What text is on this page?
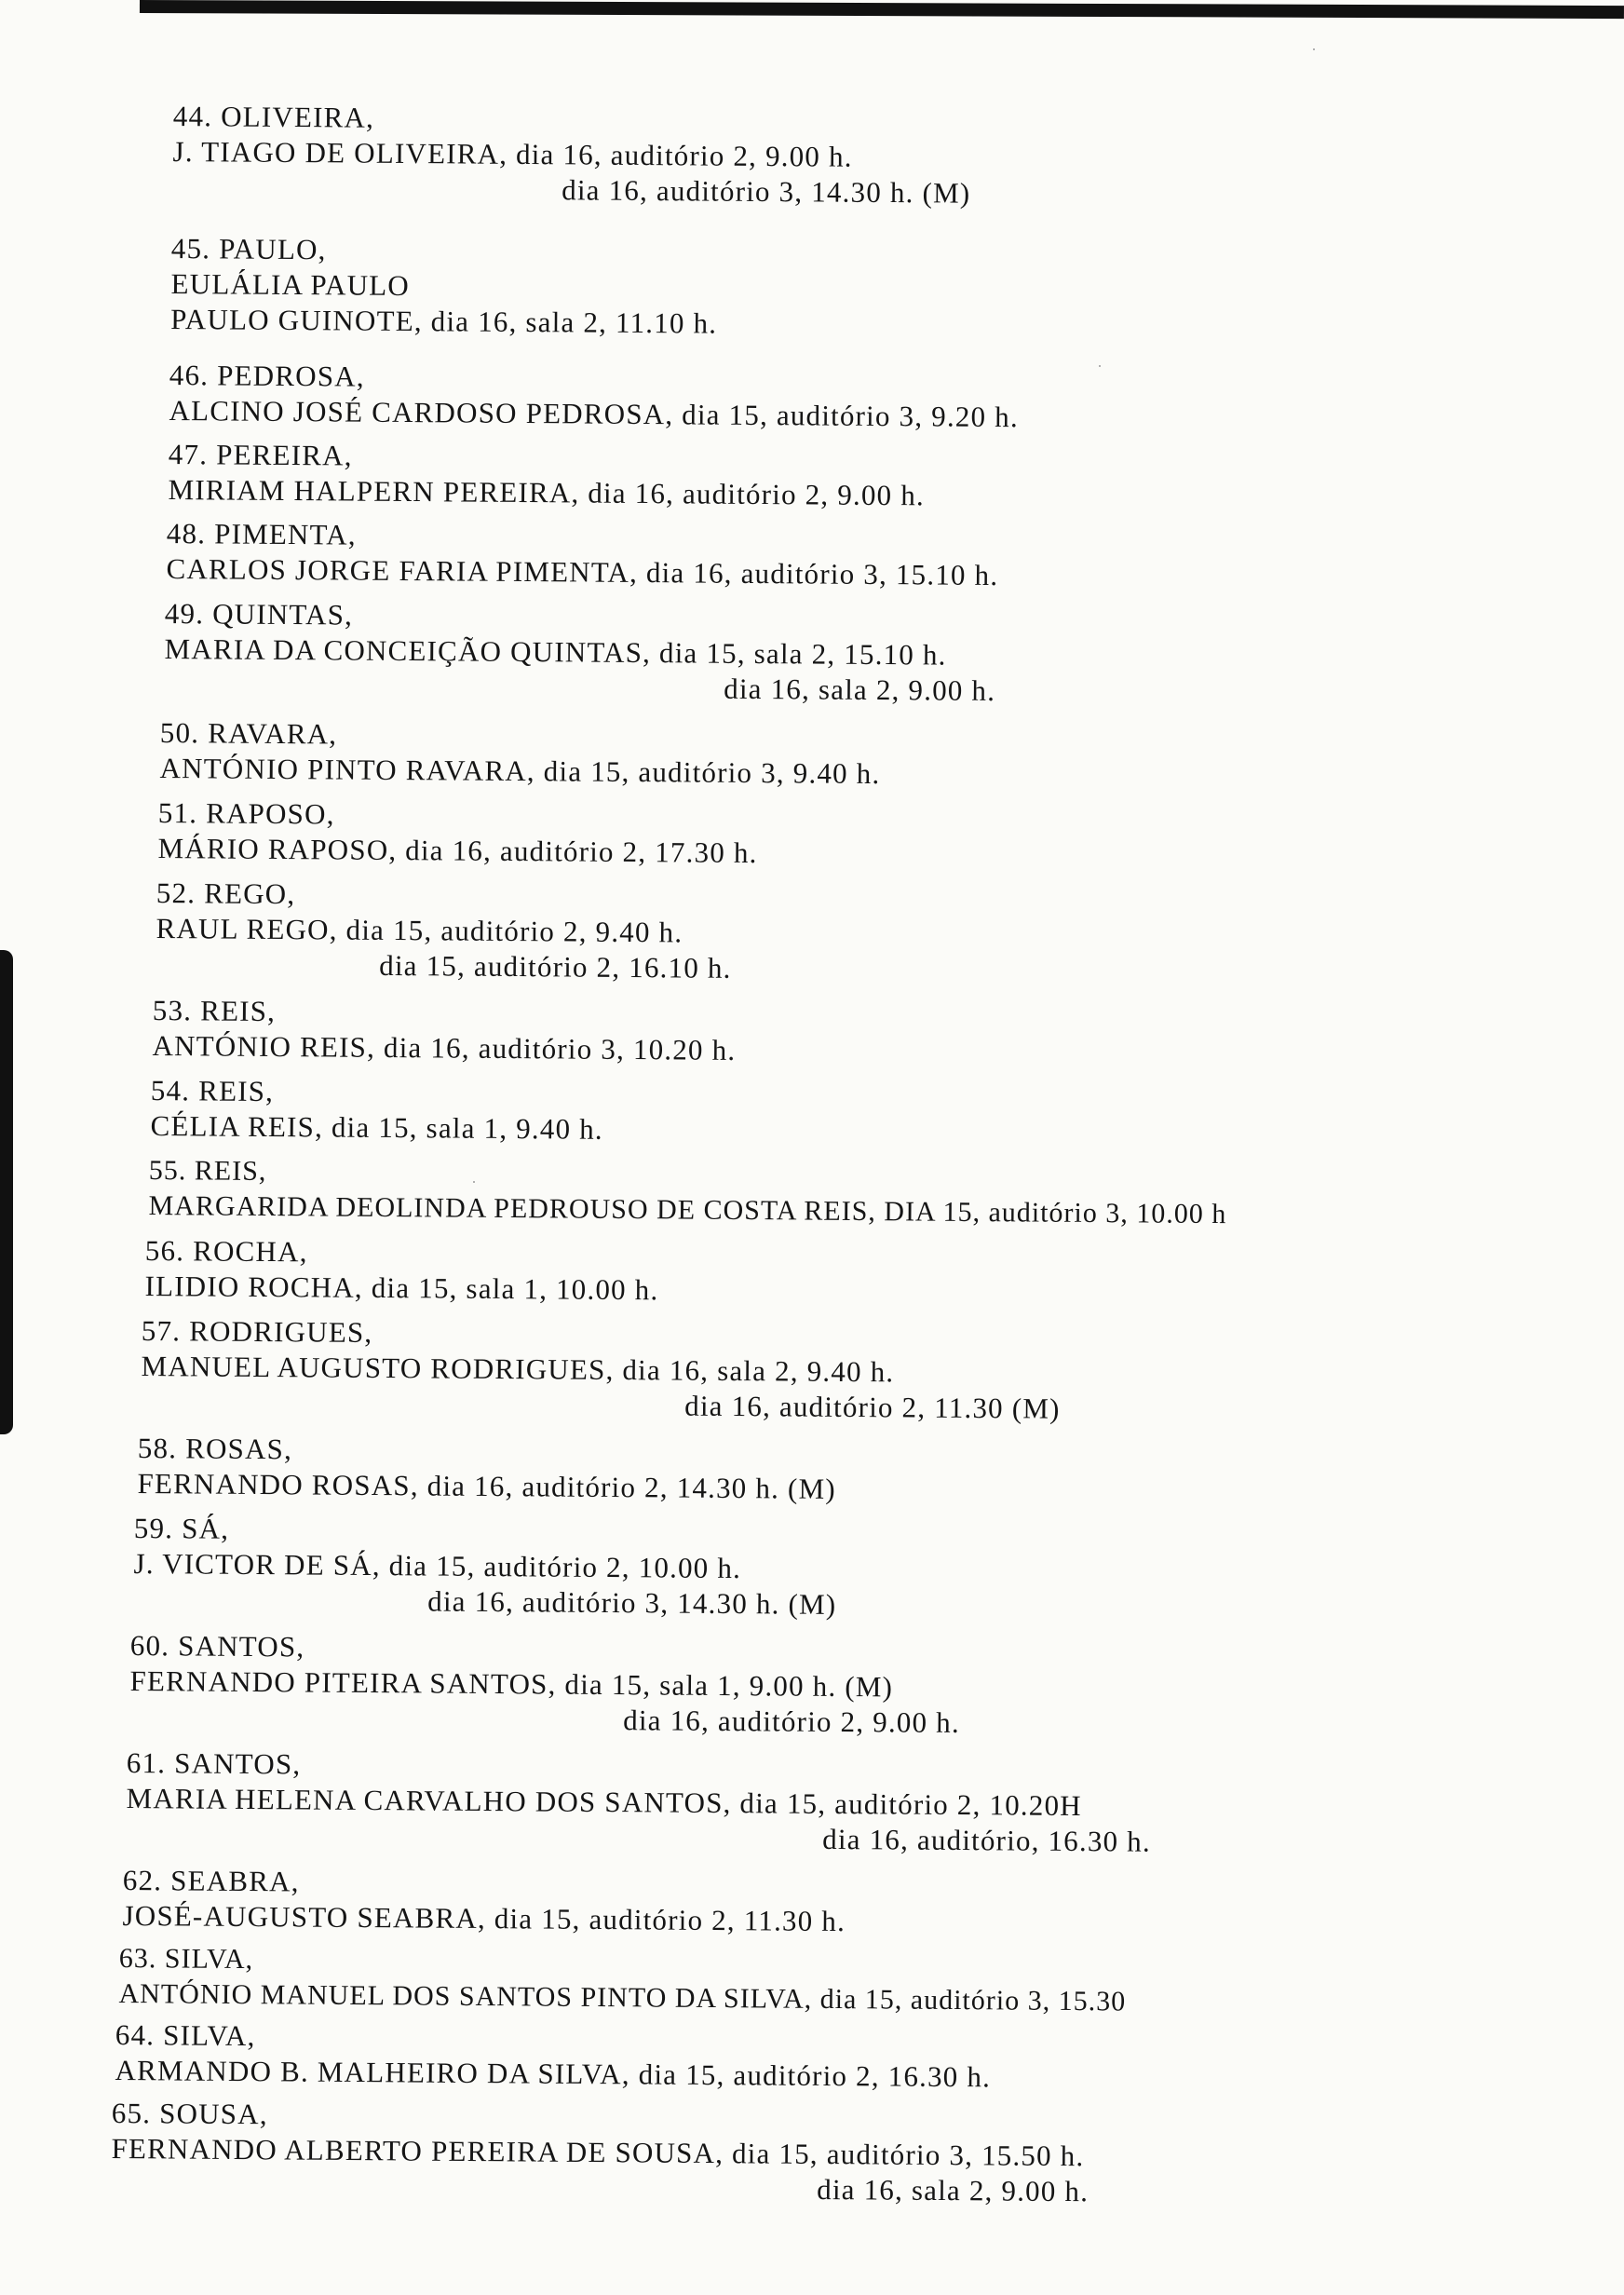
44. OLIVEIRA,
J. TIAGO DE OLIVEIRA, dia 16, auditório 2, 9.00 h.
dia 16, auditório 3, 14.30 h. (M)
45. PAULO,
EULÁLIA PAULO
PAULO GUINOTE, dia 16, sala 2, 11.10 h.
46. PEDROSA,
ALCINO JOSÉ CARDOSO PEDROSA, dia 15, auditório 3, 9.20 h.
47. PEREIRA,
MIRIAM HALPERN PEREIRA, dia 16, auditório 2, 9.00 h.
48. PIMENTA,
CARLOS JORGE FARIA PIMENTA, dia 16, auditório 3, 15.10 h.
49. QUINTAS,
MARIA DA CONCEIÇÃO QUINTAS, dia 15, sala 2, 15.10 h.
dia 16, sala 2, 9.00 h.
50. RAVARA,
ANTÓNIO PINTO RAVARA, dia 15, auditório 3, 9.40 h.
51. RAPOSO,
MÁRIO RAPOSO, dia 16, auditório 2, 17.30 h.
52. REGO,
RAUL REGO, dia 15, auditório 2, 9.40 h.
dia 15, auditório 2, 16.10 h.
53. REIS,
ANTÓNIO REIS, dia 16, auditório 3, 10.20 h.
54. REIS,
CÉLIA REIS, dia 15, sala 1, 9.40 h.
55. REIS,
MARGARIDA DEOLINDA PEDROUSO DE COSTA REIS, DIA 15, auditório 3, 10.00 h
56. ROCHA,
ILIDIO ROCHA, dia 15, sala 1, 10.00 h.
57. RODRIGUES,
MANUEL AUGUSTO RODRIGUES, dia 16, sala 2, 9.40 h.
dia 16, auditório 2, 11.30 (M)
58. ROSAS,
FERNANDO ROSAS, dia 16, auditório 2, 14.30 h. (M)
59. SÁ,
J. VICTOR DE SÁ, dia 15, auditório 2, 10.00 h.
dia 16, auditório 3, 14.30 h. (M)
60. SANTOS,
FERNANDO PITEIRA SANTOS, dia 15, sala 1, 9.00 h. (M)
dia 16, auditório 2, 9.00 h.
61. SANTOS,
MARIA HELENA CARVALHO DOS SANTOS, dia 15, auditório 2, 10.20H
dia 16, auditório, 16.30 h.
62. SEABRA,
JOSÉ-AUGUSTO SEABRA, dia 15, auditório 2, 11.30 h.
63. SILVA,
ANTÓNIO MANUEL DOS SANTOS PINTO DA SILVA, dia 15, auditório 3, 15.30
64. SILVA,
ARMANDO B. MALHEIRO DA SILVA, dia 15, auditório 2, 16.30 h.
65. SOUSA,
FERNANDO ALBERTO PEREIRA DE SOUSA, dia 15, auditório 3, 15.50 h.
dia 16, sala 2, 9.00 h.
